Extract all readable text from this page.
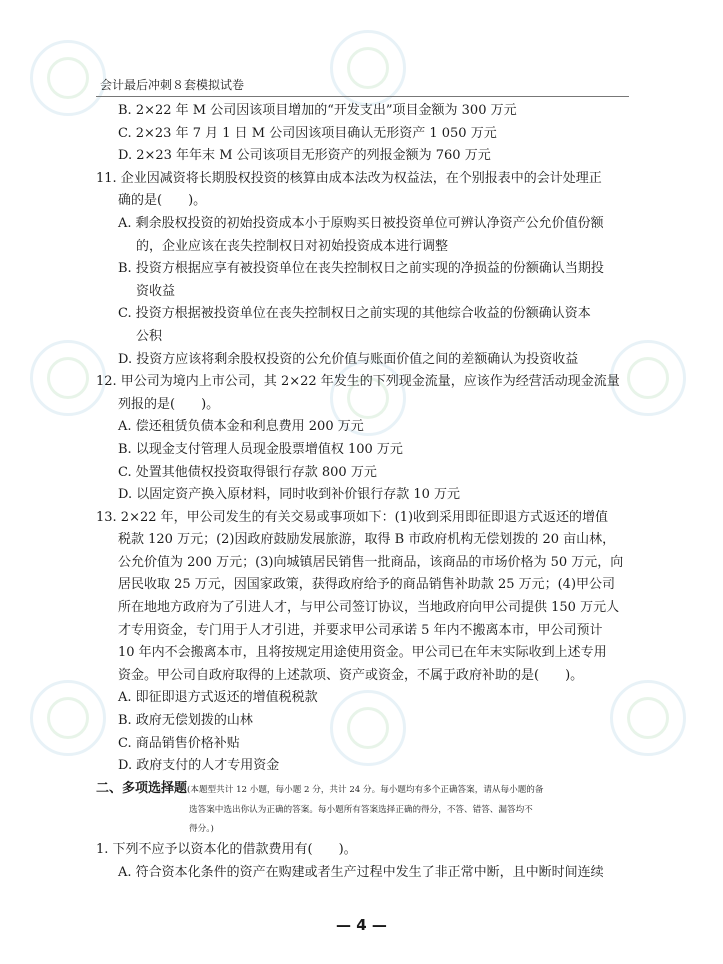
会计最后冲刺８套模拟试卷
B. 2×22 年 M 公司因该项目增加的“开发支出”项目金额为 300 万元
C. 2×23 年 7 月 1 日 M 公司因该项目确认无形资产 1 050 万元
D. 2×23 年年末 M 公司该项目无形资产的列报金额为 760 万元
11. 企业因减资将长期股权投资的核算由成本法改为权益法，在个别报表中的会计处理正
确的是(　　)。
A. 剩余股权投资的初始投资成本小于原购买日被投资单位可辨认净资产公允价值份额
的，企业应该在丧失控制权日对初始投资成本进行调整
B. 投资方根据应享有被投资单位在丧失控制权日之前实现的净损益的份额确认当期投
资收益
C. 投资方根据被投资单位在丧失控制权日之前实现的其他综合收益的份额确认资本
公积
D. 投资方应该将剩余股权投资的公允价值与账面价值之间的差额确认为投资收益
12. 甲公司为境内上市公司，其 2×22 年发生的下列现金流量，应该作为经营活动现金流量
列报的是(　　)。
A. 偿还租赁负债本金和利息费用 200 万元
B. 以现金支付管理人员现金股票增值权 100 万元
C. 处置其他债权投资取得银行存款 800 万元
D. 以固定资产换入原材料，同时收到补价银行存款 10 万元
13. 2×22 年，甲公司发生的有关交易或事项如下：(1)收到采用即征即退方式返还的增值
税款 120 万元；(2)因政府鼓励发展旅游，取得 B 市政府机构无偿划拨的 20 亩山林，
公允价值为 200 万元；(3)向城镇居民销售一批商品，该商品的市场价格为 50 万元，向
居民收取 25 万元，因国家政策，获得政府给予的商品销售补助款 25 万元；(4)甲公司
所在地地方政府为了引进人才，与甲公司签订协议，当地政府向甲公司提供 150 万元人
才专用资金，专门用于人才引进，并要求甲公司承诺 5 年内不搬离本市，甲公司预计
10 年内不会搬离本市，且将按规定用途使用资金。甲公司已在年末实际收到上述专用
资金。甲公司自政府取得的上述款项、资产或资金，不属于政府补助的是(　　)。
A. 即征即退方式返还的增值税税款
B. 政府无偿划拨的山林
C. 商品销售价格补贴
D. 政府支付的人才专用资金
二、多项选择题(本题型共计 12 小题，每小题 2 分，共计 24 分。每小题均有多个正确答案，请从每小题的备
选答案中选出你认为正确的答案。每小题所有答案选择正确的得分，不答、错答、漏答均不
得分。)
1. 下列不应予以资本化的借款费用有(　　)。
A. 符合资本化条件的资产在购建或者生产过程中发生了非正常中断，且中断时间连续
— 4 —
